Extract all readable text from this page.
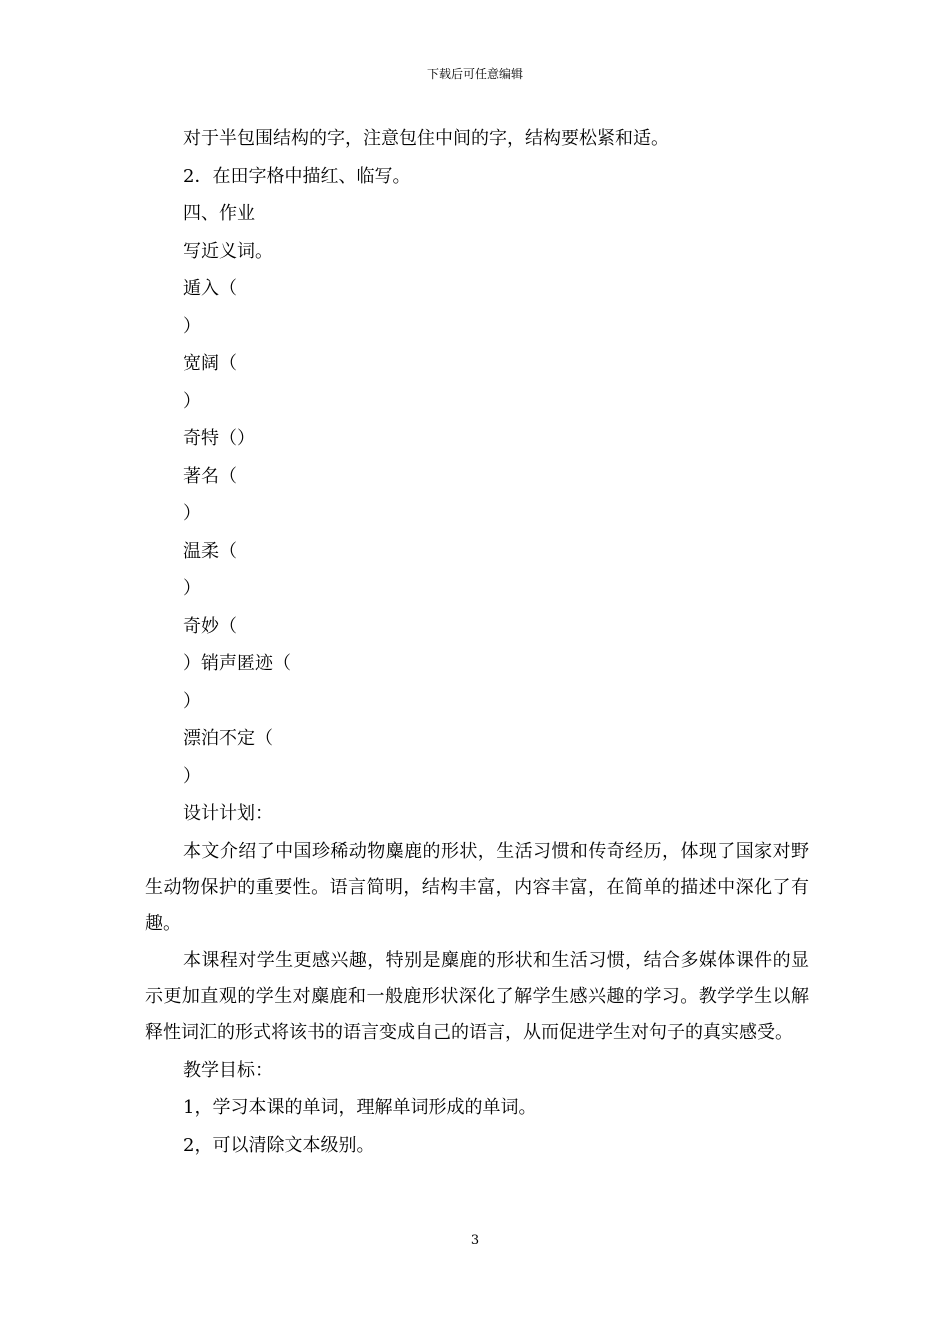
下载后可任意编辑
对于半包围结构的字，注意包住中间的字，结构要松紧和适。
2．在田字格中描红、临写。
四、作业
写近义词。
遁入（
）
宽阔（
）
奇特（）
著名（
）
温柔（
）
奇妙（
）销声匿迹（
）
漂泊不定（
）
设计计划：

本文介绍了中国珍稀动物麋鹿的形状，生活习惯和传奇经历，体现了国家对野生动物保护的重要性。语言简明，结构丰富，内容丰富，在简单的描述中深化了有趣。

本课程对学生更感兴趣，特别是麋鹿的形状和生活习惯，结合多媒体课件的显示更加直观的学生对麋鹿和一般鹿形状深化了解学生感兴趣的学习。教学学生以解释性词汇的形式将该书的语言变成自己的语言，从而促进学生对句子的真实感受。

教学目标：
1，学习本课的单词，理解单词形成的单词。
2，可以清除文本级别。
3
